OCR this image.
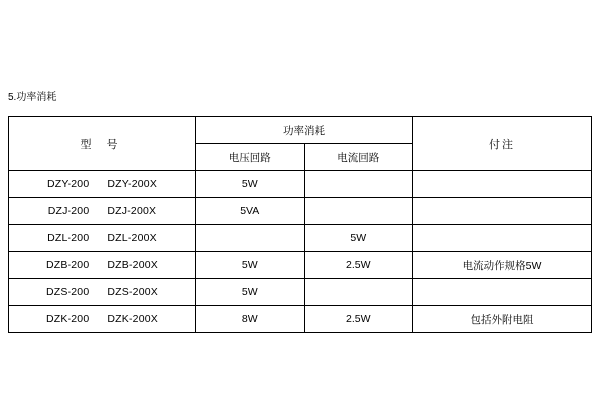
5.功率消耗
型 号	功率消耗		付注
	电压回路	电流回路	

DZY-200 DZY-200X	5W		

DZJ-200 DZJ-200X	5VA		

DZL-200 DZL-200X		5W	

DZB-200 DZB-200X	5W	2.5W	电流动作规格5W

DZS-200 DZS-200X	5W		

DZK-200 DZK-200X	8W	2.5W	包括外附电阻
